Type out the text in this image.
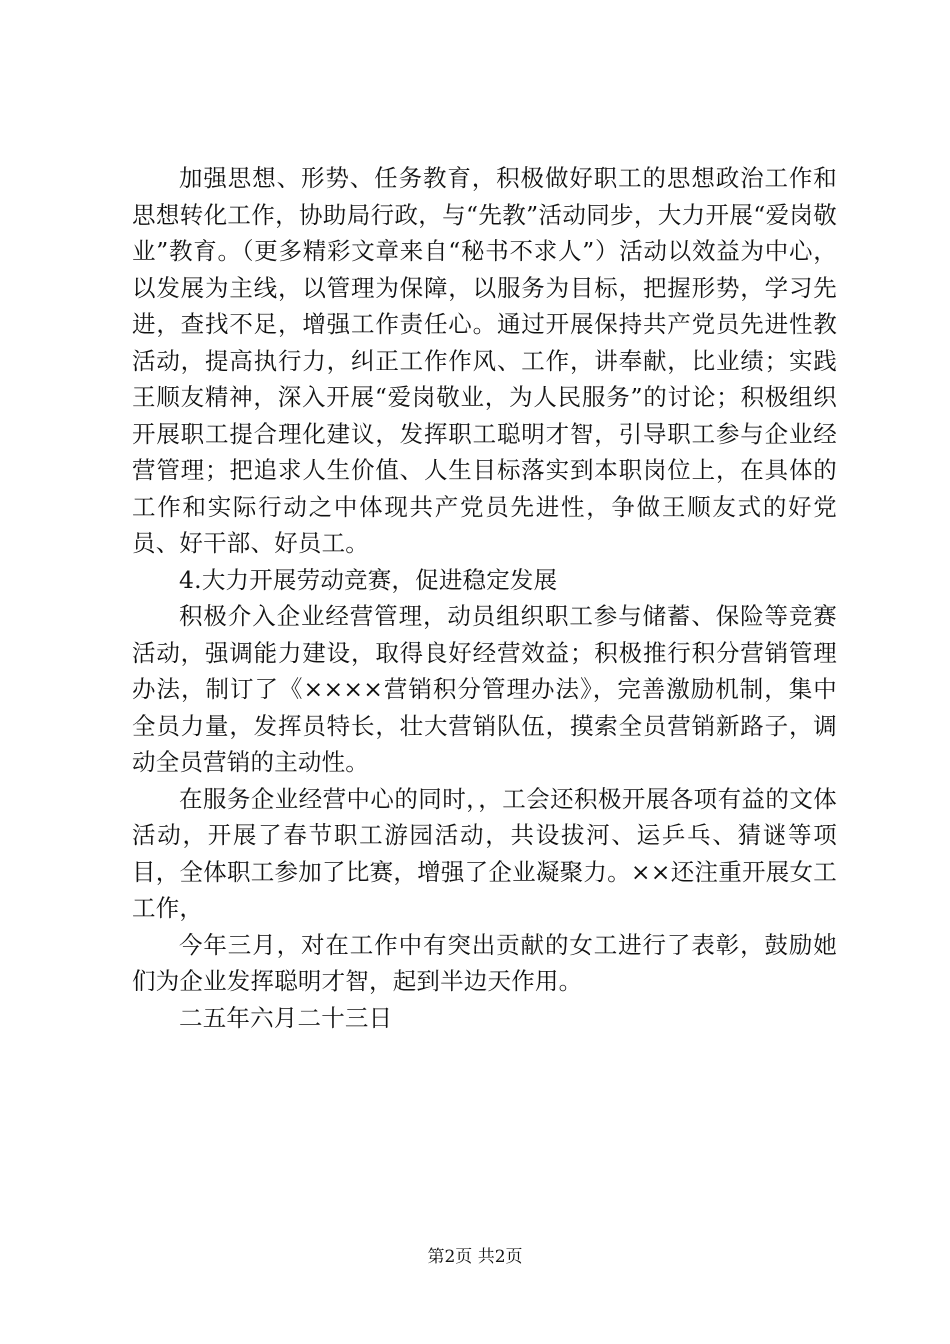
加强思想、形势、任务教育，积极做好职工的思想政治工作和思想转化工作，协助局行政，与“先教”活动同步，大力开展“爱岗敬业”教育。（更多精彩文章来自“秘书不求人”）活动以效益为中心，以发展为主线，以管理为保障，以服务为目标，把握形势，学习先进，查找不足，增强工作责任心。通过开展保持共产党员先进性教活动，提高执行力，纠正工作作风、工作，讲奉献，比业绩；实践王顺友精神，深入开展“爱岗敬业，为人民服务”的讨论；积极组织开展职工提合理化建议，发挥职工聪明才智，引导职工参与企业经营管理；把追求人生价值、人生目标落实到本职岗位上，在具体的工作和实际行动之中体现共产党员先进性，争做王顺友式的好党员、好干部、好员工。

4.大力开展劳动竞赛，促进稳定发展

积极介入企业经营管理，动员组织职工参与储蓄、保险等竞赛活动，强调能力建设，取得良好经营效益；积极推行积分营销管理办法，制订了《××××营销积分管理办法》，完善激励机制，集中全员力量，发挥员特长，壮大营销队伍，摸索全员营销新路子，调动全员营销的主动性。

在服务企业经营中心的同时，，工会还积极开展各项有益的文体活动，开展了春节职工游园活动，共设拔河、运乒乓、猜谜等项目，全体职工参加了比赛，增强了企业凝聚力。××还注重开展女工工作，

今年三月，对在工作中有突出贡献的女工进行了表彰，鼓励她们为企业发挥聪明才智，起到半边天作用。

二五年六月二十三日

第2页 共2页
